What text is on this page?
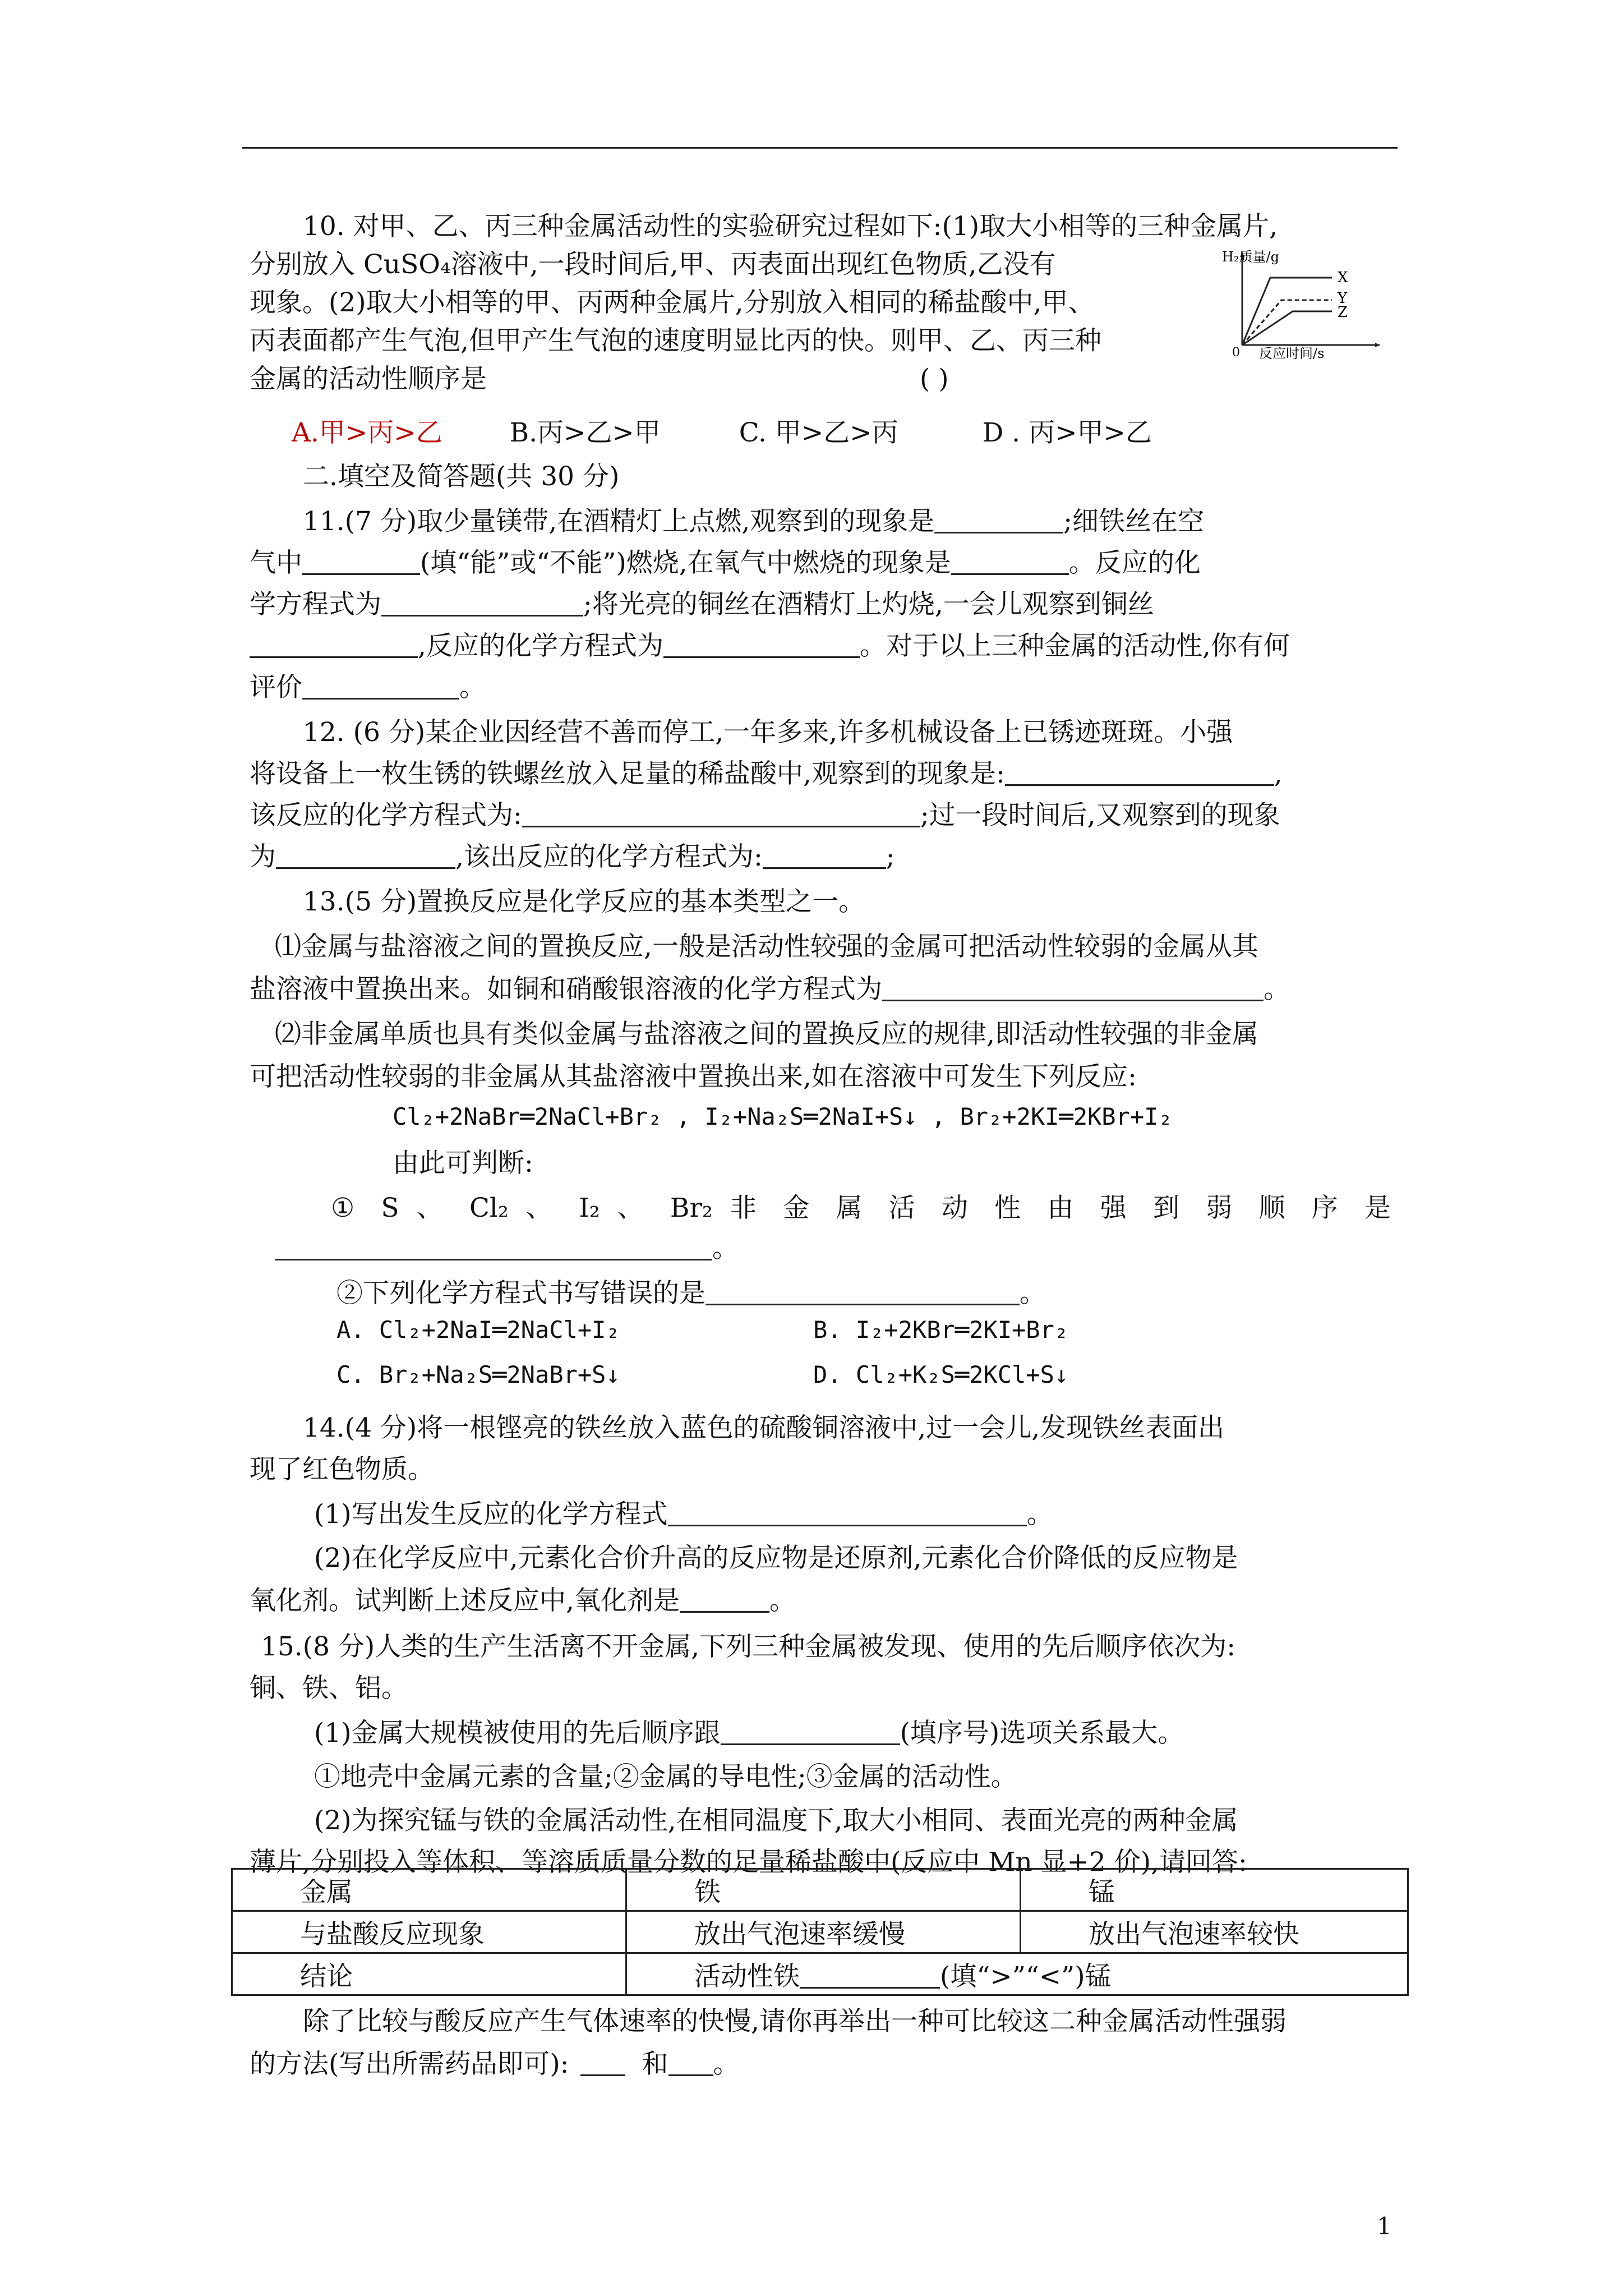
10. 对甲、乙、丙三种金属活动性的实验研究过程如下:(1)取大小相等的三种金属片,
分别放入 CuSO₄溶液中,一段时间后,甲、丙表面出现红色物质,乙没有
现象。(2)取大小相等的甲、丙两种金属片,分别放入相同的稀盐酸中,甲、
丙表面都产生气泡,但甲产生气泡的速度明显比丙的快。则甲、乙、丙三种
金属的活动性顺序是	( )
H₂质量/g
0 反应时间/s
X
Y
Z
A.甲>丙>乙	B.丙>乙>甲	C. 甲>乙>丙	D . 丙>甲>乙
二.填空及简答题(共 30 分)
11.(7 分)取少量镁带,在酒精灯上点燃,观察到的现象是	;细铁丝在空
气中	(填“能”或“不能”)燃烧,在氧气中燃烧的现象是	。反应的化
学方程式为	;将光亮的铜丝在酒精灯上灼烧,一会儿观察到铜丝
,反应的化学方程式为	。对于以上三种金属的活动性,你有何
评价	。
12. (6 分)某企业因经营不善而停工,一年多来,许多机械设备上已锈迹斑斑。小强
将设备上一枚生锈的铁螺丝放入足量的稀盐酸中,观察到的现象是:	,
该反应的化学方程式为:	;过一段时间后,又观察到的现象
为	,该出反应的化学方程式为:	;
13.(5 分)置换反应是化学反应的基本类型之一。
⑴金属与盐溶液之间的置换反应,一般是活动性较强的金属可把活动性较弱的金属从其
盐溶液中置换出来。如铜和硝酸银溶液的化学方程式为	。
⑵非金属单质也具有类似金属与盐溶液之间的置换反应的规律,即活动性较强的非金属
可把活动性较弱的非金属从其盐溶液中置换出来,如在溶液中可发生下列反应:
Cl₂+2NaBr═2NaCl+Br₂ , I₂+Na₂S═2NaI+S↓ , Br₂+2KI═2KBr+I₂
由此可判断:
① S 、 Cl₂ 、 I₂ 、 Br₂ 非 金 属 活 动 性 由 强 到 弱 顺 序 是
。
②下列化学方程式书写错误的是	。
A. Cl₂+2NaI═2NaCl+I₂	B. I₂+2KBr═2KI+Br₂
C. Br₂+Na₂S═2NaBr+S↓	D. Cl₂+K₂S═2KCl+S↓
14.(4 分)将一根铿亮的铁丝放入蓝色的硫酸铜溶液中,过一会儿,发现铁丝表面出
现了红色物质。
(1)写出发生反应的化学方程式	。
(2)在化学反应中,元素化合价升高的反应物是还原剂,元素化合价降低的反应物是
氧化剂。试判断上述反应中,氧化剂是	。
15.(8 分)人类的生产生活离不开金属,下列三种金属被发现、使用的先后顺序依次为:
铜、铁、铝。
(1)金属大规模被使用的先后顺序跟	(填序号)选项关系最大。
①地壳中金属元素的含量;②金属的导电性;③金属的活动性。
(2)为探究锰与铁的金属活动性,在相同温度下,取大小相同、表面光亮的两种金属
薄片,分别投入等体积、等溶质质量分数的足量稀盐酸中(反应中 Mn 显+2 价),请回答:
金属	铁	锰
与盐酸反应现象	放出气泡速率缓慢	放出气泡速率较快
结论	活动性铁 (填“>”“<”)锰	
除了比较与酸反应产生气体速率的快慢,请你再举出一种可比较这二种金属活动性强弱
的方法(写出所需药品即可):	和 。
1
